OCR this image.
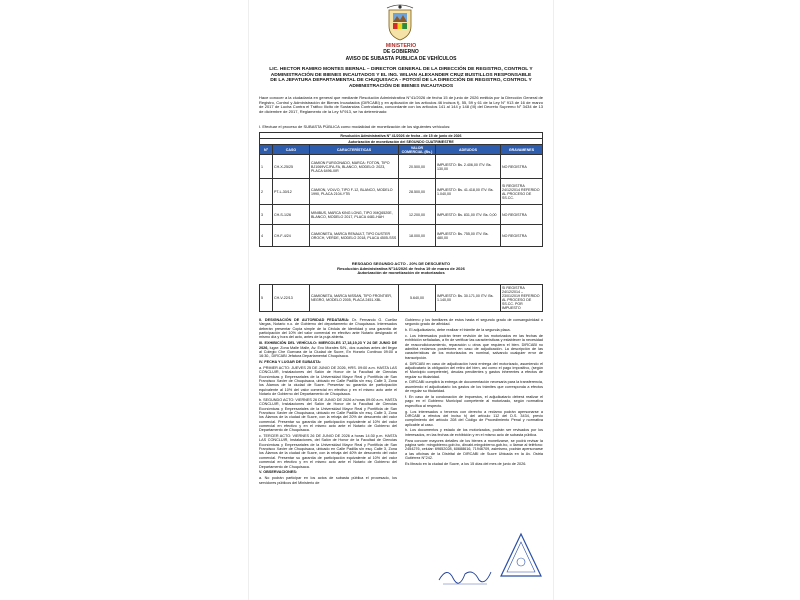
MINISTERIO
DE GOBIERNO
AVISO DE SUBASTA PUBLICA DE VEHÍCULOS
LIC. HECTOR RAMIRO MONTES BERNAL – DIRECTOR GENERAL DE LA DIRECCIÓN DE REGISTRO, CONTROL Y ADMINISTRACIÓN DE BIENES INCAUTADOS Y EL ING. WILIAN ALEXANDER CRUZ BUSTILLOS RESPONSABLE DE LA JEFATURA DEPARTAMENTAL DE CHUQUISACA - POTOSÍ DE LA DIRECCIÓN DE REGISTRO, CONTROL Y ADMINISTRACIÓN DE BIENES INCAUTADOS
Hace conocer a la ciudadanía en general que mediante Resolución Administrativa N°41/2026 de fecha 15 de junio de 2026 emitida por la Dirección General de Registro, Control y Administración de Bienes Incautados (DIRCABI) y en aplicación de los artículos 46 incisos f), 55, 59 y 61 de la Ley N° 913 de 16 de marzo de 2017 de Lucha Contra el Tráfico Ilícito de Sustancias Controladas, concordante con los artículos 141 al 144 y 148 (III) del Decreto Supremo N° 3434 de 13 de diciembre de 2017, Reglamento de la Ley N°913, se ha determinado:
I. Efectuar el proceso de SUBASTA PÚBLICA como modalidad de monetización de los siguientes vehículos:
Resolución Administrativa N° 41/2026 de fecha - de 15 de junio de 2026					
Autorización de monetización del SEGUNDO CUATRIMESTRE					
N°	CASO	CARACTERÍSTICAS	VALOR COMERCIAL (Bs.)	ADEUDOS	GRAVAMENES
1	CH-X-25/25	CAMION FURGONADO, MARCA: FOTON, TIPO BJ1069VCJFA-FA, BLANCO, MODELO: 2023, PLACA 6496-XIR	20.500,00	IMPUESTO: Bs. 2.406,00 ITV: Bs. 130,00	NO REGISTRA
2	PT-L-30/12	CAMION, VOLVO, TIPO F-12, BLANCO, MODELO 1990, PLACA 2104-YTB	28.500,00	IMPUESTO: Bs. 41.418,00 ITV: Bs. 1.040,00	SI REGISTRA 24/12/2014 REFERIDO AL PROCESO DE SS.CC.
3	CH-S-1/26	MINIBUS, MARCA KING LONG, TIPO XMQ6520E, BLANCO, MODELO 2017, PLACA 4481-HAH	12.200,00	IMPUESTO: Bs. 831,00 ITV: Bs. 0,00	NO REGISTRA
4	CH-F-4/24	CAMIONETA, MARCA RENAULT, TIPO DUSTER OROCH, VERDE, MODELO 2018, PLACA 4505-SSS	18.000,00	IMPUESTO: Bs. 755,00 ITV: Bs. 480,00	NO REGISTRA
RESGADO SEGUNDO ACTO - 20% DE DESCUENTO
Resolución Administrativa N°14/2026 de fecha 19 de marzo de 2026
Autorización de monetización de motorizados
5	CH-V-22/13	CAMIONETA, MARCA NISSAN, TIPO FRONTIER, NEGRO, MODELO 2005, PLACA 2451-XBL	5.640,00	IMPUESTO: Bs. 30.171,00 ITV: Bs. 1.140,00	SI REGISTRA 24/12/2014 – 23/01/2019 REFERIDO AL PROCESO DE SS.CC. POR IMPUESTO

II. DESIGNACIÓN DE AUTORIDAD FEDATARIA: Dr. Fernando G. Cuellar Vargas, Notario n.o. de Gobierno del departamento de Chuquisaca. Interesados deberán presentar Copia simple de la Cédula de Identidad y una garantía de participación del 10% del valor comercial en efectivo ante Notario designado el mismo día y hora del acto, antes de la puja abierta.

III. EXHIBICIÓN DEL VEHÍCULO: MIERCOLES 17,18,19,23 Y 24 DE JUNIO DE 2026, lugar: Zona Malle Malle, Av. Evo Morales S/N., dos cuadras antes del llegar al Colegio Che Guevara de la Ciudad de Sucre, En Horario Continuo 09:00 a 16:30., DIRCABI Jefatura Departamental Chuquisaca.

IV. FECHA Y LUGAR DE SUBASTA:

a. PRIMER ACTO: JUEVES 25 DE JUNIO DE 2026, HRS. 09:00 a.m. HASTA LAS CONCLUIR, Instalaciones del Salón de Honor de la Facultad de Ciencias Económicas y Empresariales de la Universidad Mayor Real y Pontificia de San Francisco Xavier de Chuquisaca, ubicado en Calle Padilla s/n esq. Calle 3, Zona los Álamos de la ciudad de Sucre. Presentar su garantía de participación equivalente al 10% del valor comercial en efectivo y en el mismo acto ante el Notario de Gobierno del Departamento de Chuquisaca.

b. SEGUNDO ACTO: VIERNES 26 DE JUNIO DE 2026 a horas 09:00 a.m. HASTA CONCLUIR, Instalaciones del Salón de Honor de la Facultad de Ciencias Económicas y Empresariales de la Universidad Mayor Real y Pontificia de San Francisco Xavier de Chuquisaca, ubicado en Calle Padilla s/n esq. Calle 3, Zona los Álamos de la ciudad de Sucre, con la rebaja del 20% de descuento del valor comercial. Presentar su garantía de participación equivalente al 10% del valor comercial en efectivo y en el mismo acto ante el Notario de Gobierno del Departamento de Chuquisaca.

c. TERCER ACTO: VIERNES 26 DE JUNIO DE 2026 a horas 14:30 p.m. HASTA LAS CONCLUIR, Instalaciones, del Salón de Honor de la Facultad de Ciencias Económicas y Empresariales de la Universidad Mayor Real y Pontificia de San Francisco Xavier de Chuquisaca, ubicado en Calle Padilla s/n esq. Calle 3, Zona los Álamos de la ciudad de Sucre, con la rebaja del 40% de descuento del valor comercial. Presentar su garantía de participación equivalente al 10% del valor comercial en efectivo y en el mismo acto ante el Notario de Gobierno del Departamento de Chuquisaca.

V. OBSERVACIONES:

a. No podrán participar en los actos de subasta pública el procesado, los servidores públicos del Ministerio de

Gobierno y los familiares de estos hasta el segundo grado de consanguinidad o segundo grado de afinidad.

b. El adjudicatario, debe realizar el trámite de la segunda placa.

c. Los interesados podrán tener revisión de los motorizados en las fechas de exhibición señaladas, a fin de verificar las características y establecer la necesidad de reacondicionamiento, reparación u otros que requiera el bien. DIRCABI no admitirá reclamos posteriores en caso de adjudicación. La descripción de las características de los motorizados es nominal, salvando cualquier error de transcripción.

d. DIRCABI en caso de adjudicación hará entrega del motorizado, asumiendo el adjudicatario la obligación del retiro del bien, así como el pago impositivo, (según el Municipio competente), deudas pendientes y gastos inherentes a efectos de regular su titularidad.

e. DIRCABI cumplirá la entrega de documentación necesaria para la transferencia, asumiendo el adjudicatario los gastos de los trámites que corresponda a efectos de regular su titularidad.

f. En caso de la condonación de impuestos, el adjudicatario deberá realizar el pago en el Gobierno Municipal competente al motorizado, según normativa específica al respecto.

g. Los interesados o terceros con derecho a reclamo podrán apersonarse a DIRCABI a efectos del inciso h) del artículo 112 del D.S. 3434, previo cumplimiento del artículo 208 del Código de Procedimiento Penal y normativa aplicable al caso.

h. Los documentos y estado de los motorizados, podrán ser revisados por los interesados, en las fechas de exhibición y en el mismo acto de subasta pública.

Para conocer mayores detalles de los bienes a monetizarse, se podrá revisar la página web: mingobierno.gob.bo, dircabi.mingobierno.gob.bo, o llamar al teléfono: 2454276, celular: 69652028, 60688616, 71946709, asimismo, podrán apersonarse a las oficinas de la Distrital de DIRCABI de Sucre Ubicada en la Av. Ostria Gutiérrez N°242.

Es librado en la ciudad de Sucre, a los 15 días del mes de junio de 2026.
